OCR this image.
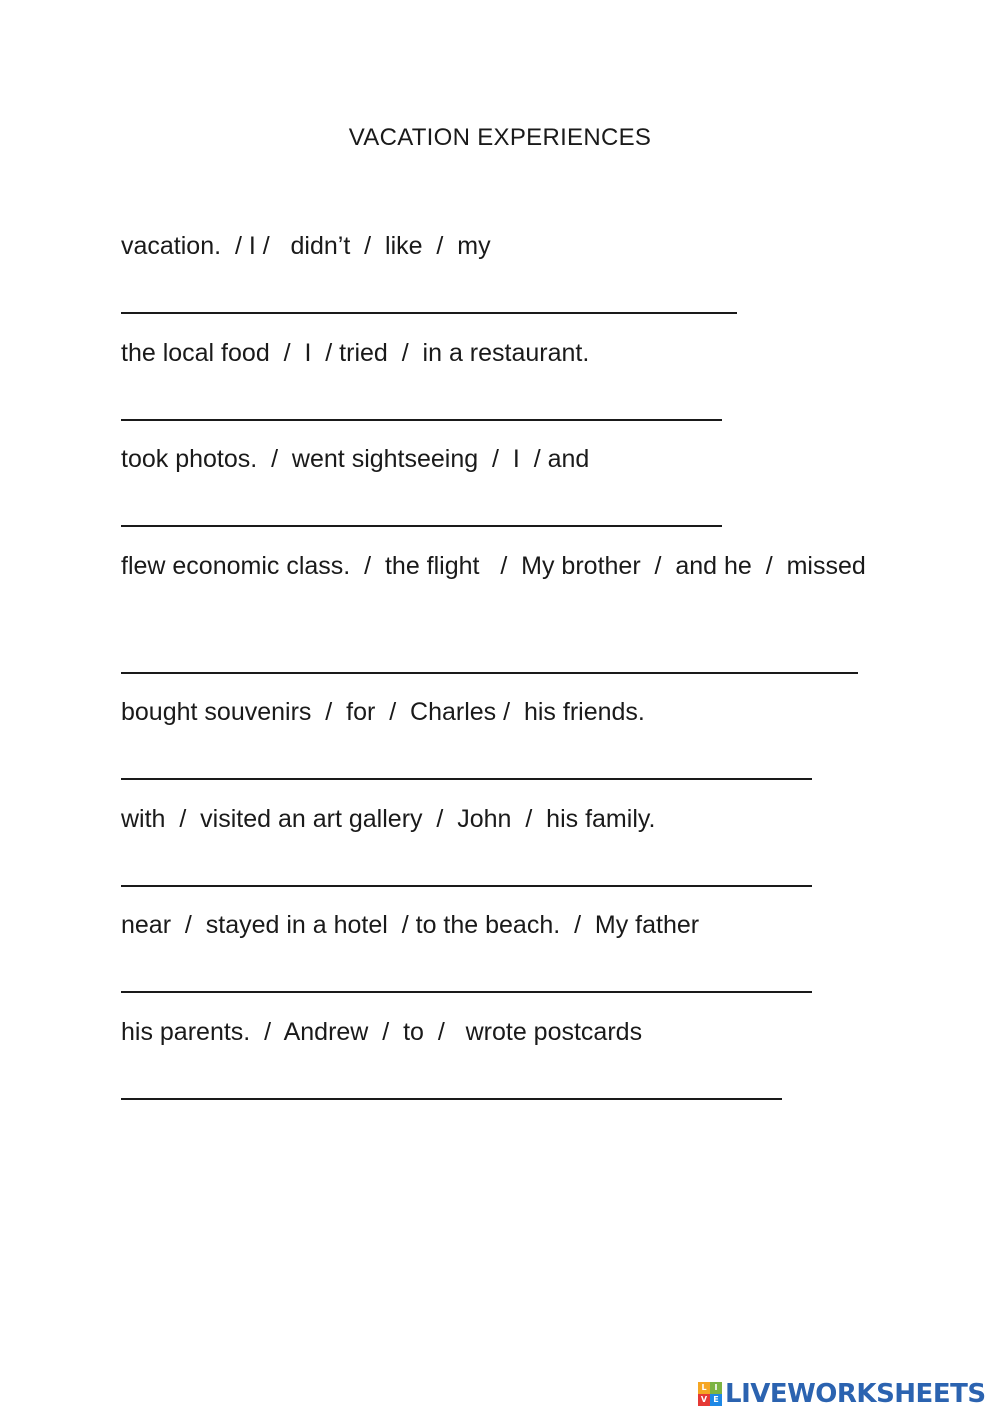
VACATION EXPERIENCES
vacation.  / I /   didn’t  /  like  /  my
the local food  /  I  / tried  /  in a restaurant.
took photos.  /  went sightseeing  /  I  / and
flew economic class.  /  the flight   /  My brother  /  and he  /  missed
bought souvenirs  /  for  /  Charles /  his friends.
with  /  visited an art gallery  /  John  /  his family.
near  /  stayed in a hotel  / to the beach.  /  My father
his parents.  /  Andrew  /  to  /   wrote postcards
L I
V E LIVEWORKSHEETS
